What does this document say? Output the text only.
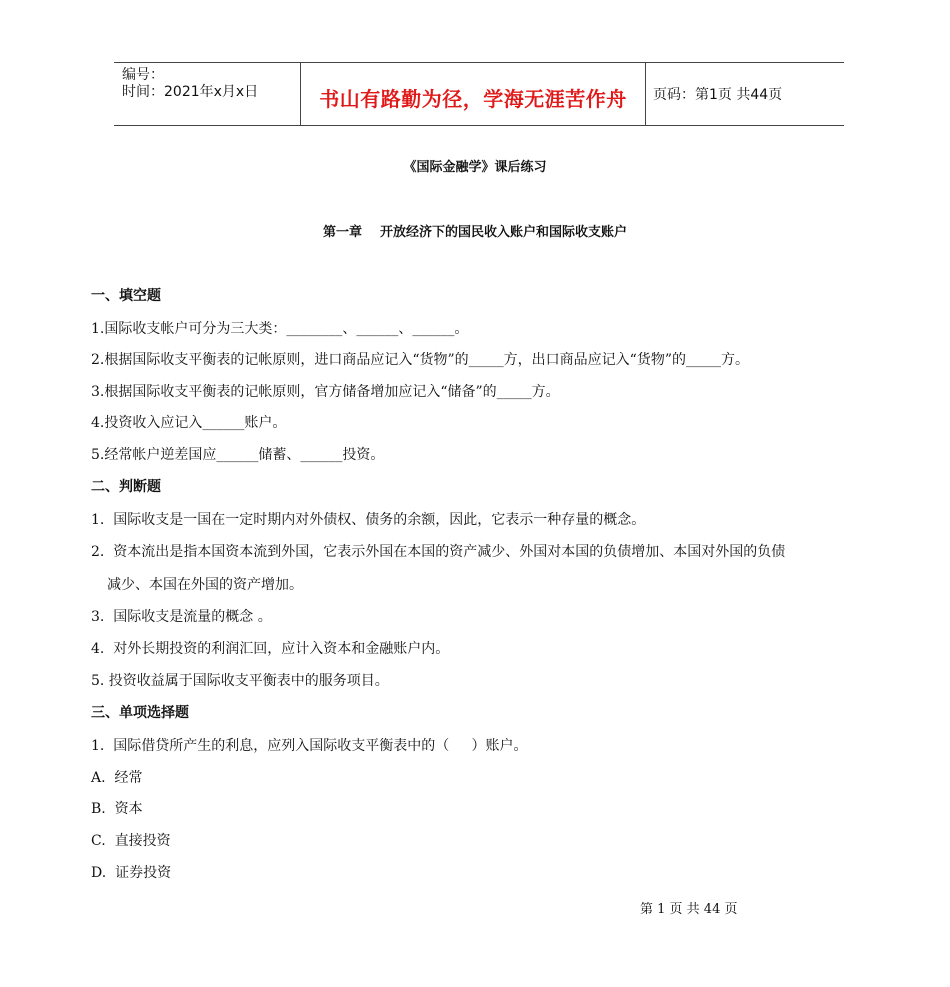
编号：
时间：2021年x月x日	书山有路勤为径，学海无涯苦作舟	页码：第1页 共44页
《国际金融学》课后练习
第一章    开放经济下的国民收入账户和国际收支账户
一、填空题
1.国际收支帐户可分为三大类：________、______、______。
2.根据国际收支平衡表的记帐原则，进口商品应记入“货物”的_____方，出口商品应记入“货物”的_____方。
3.根据国际收支平衡表的记帐原则，官方储备增加应记入“储备”的_____方。
4.投资收入应记入______账户。
5.经常帐户逆差国应______储蓄、______投资。
二、判断题
1.  国际收支是一国在一定时期内对外债权、债务的余额，因此，它表示一种存量的概念。
2.  资本流出是指本国资本流到外国，它表示外国在本国的资产减少、外国对本国的负债增加、本国对外国的负债
减少、本国在外国的资产增加。
3.  国际收支是流量的概念 。
4.  对外长期投资的利润汇回，应计入资本和金融账户内。
5. 投资收益属于国际收支平衡表中的服务项目。
三、单项选择题
1.  国际借贷所产生的利息，应列入国际收支平衡表中的（     ）账户。
A.  经常
B.  资本
C.  直接投资
D.  证券投资
第 1 页 共 44 页
